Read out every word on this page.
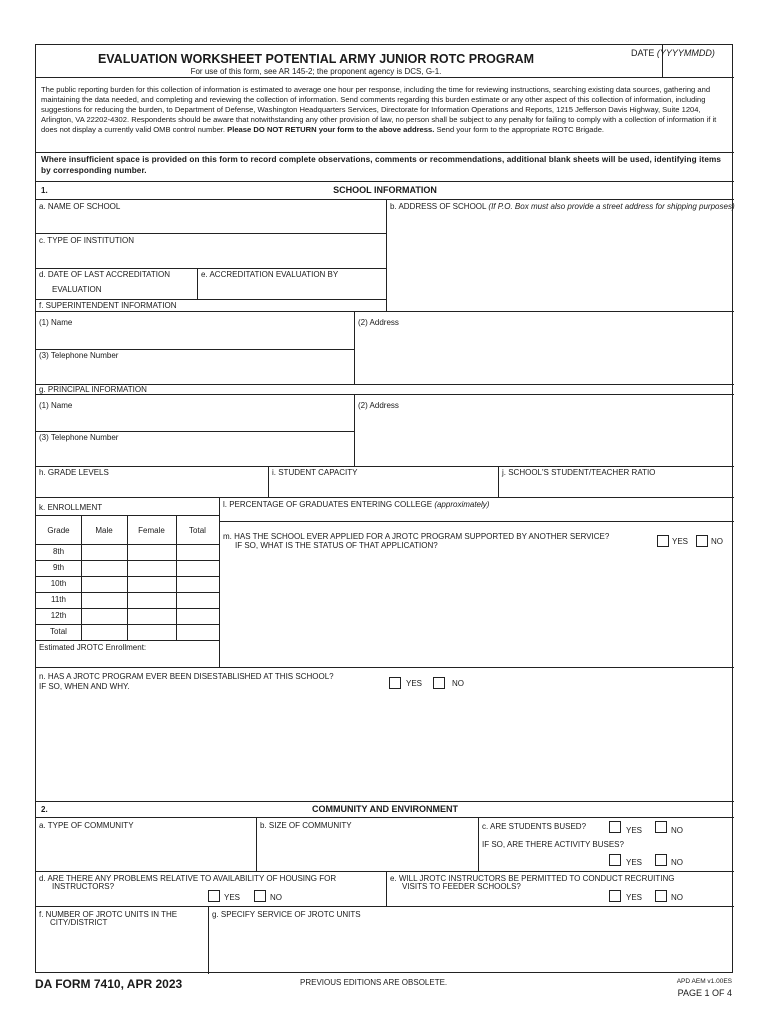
EVALUATION WORKSHEET POTENTIAL ARMY JUNIOR ROTC PROGRAM
For use of this form, see AR 145-2; the proponent agency is DCS, G-1.
DATE (YYYYMMDD)
The public reporting burden for this collection of information is estimated to average one hour per response, including the time for reviewing instructions, searching existing data sources, gathering and maintaining the data needed, and completing and reviewing the collection of information. Send comments regarding this burden estimate or any other aspect of this collection of information, including suggestions for reducing the burden, to Department of Defense, Washington Headquarters Services, Directorate for Information Operations and Reports, 1215 Jefferson Davis Highway, Suite 1204, Arlington, VA 22202-4302. Respondents should be aware that notwithstanding any other provision of law, no person shall be subject to any penalty for failing to comply with a collection of information if it does not display a currently valid OMB control number. Please DO NOT RETURN your form to the above address. Send your form to the appropriate ROTC Brigade.
Where insufficient space is provided on this form to record complete observations, comments or recommendations, additional blank sheets will be used, identifying items by corresponding number.
1.	SCHOOL INFORMATION
a. NAME OF SCHOOL	b. ADDRESS OF SCHOOL (If P.O. Box must also provide a street address for shipping purposes)
c. TYPE OF INSTITUTION
d. DATE OF LAST ACCREDITATION
EVALUATION
e. ACCREDITATION EVALUATION BY
f. SUPERINTENDENT INFORMATION
(1) Name	(2) Address
(3) Telephone Number
g. PRINCIPAL INFORMATION
(1) Name	(2) Address
(3) Telephone Number
h. GRADE LEVELS	i. STUDENT CAPACITY	j. SCHOOL'S STUDENT/TEACHER RATIO
k. ENROLLMENT
Grade	Male	Female	Total
8th
9th
10th
11th
12th
Total
Estimated JROTC Enrollment:
l. PERCENTAGE OF GRADUATES ENTERING COLLEGE (approximately)
m. HAS THE SCHOOL EVER APPLIED FOR A JROTC PROGRAM SUPPORTED BY ANOTHER SERVICE?
IF SO, WHAT IS THE STATUS OF THAT APPLICATION?	YES	NO
n. HAS A JROTC PROGRAM EVER BEEN DISESTABLISHED AT THIS SCHOOL?
IF SO, WHEN AND WHY.	YES	NO
2.	COMMUNITY AND ENVIRONMENT
a. TYPE OF COMMUNITY	b. SIZE OF COMMUNITY	c. ARE STUDENTS BUSED?	YES	NO
IF SO, ARE THERE ACTIVITY BUSES?
YES	NO
d. ARE THERE ANY PROBLEMS RELATIVE TO AVAILABILITY OF HOUSING FOR
INSTRUCTORS?
YES	NO
e. WILL JROTC INSTRUCTORS BE PERMITTED TO CONDUCT RECRUITING
VISITS TO FEEDER SCHOOLS?
YES	NO
f. NUMBER OF JROTC UNITS IN THE
CITY/DISTRICT
g. SPECIFY SERVICE OF JROTC UNITS
DA FORM 7410, APR 2023	PREVIOUS EDITIONS ARE OBSOLETE.	APD AEM v1.00ES
PAGE 1 OF 4
